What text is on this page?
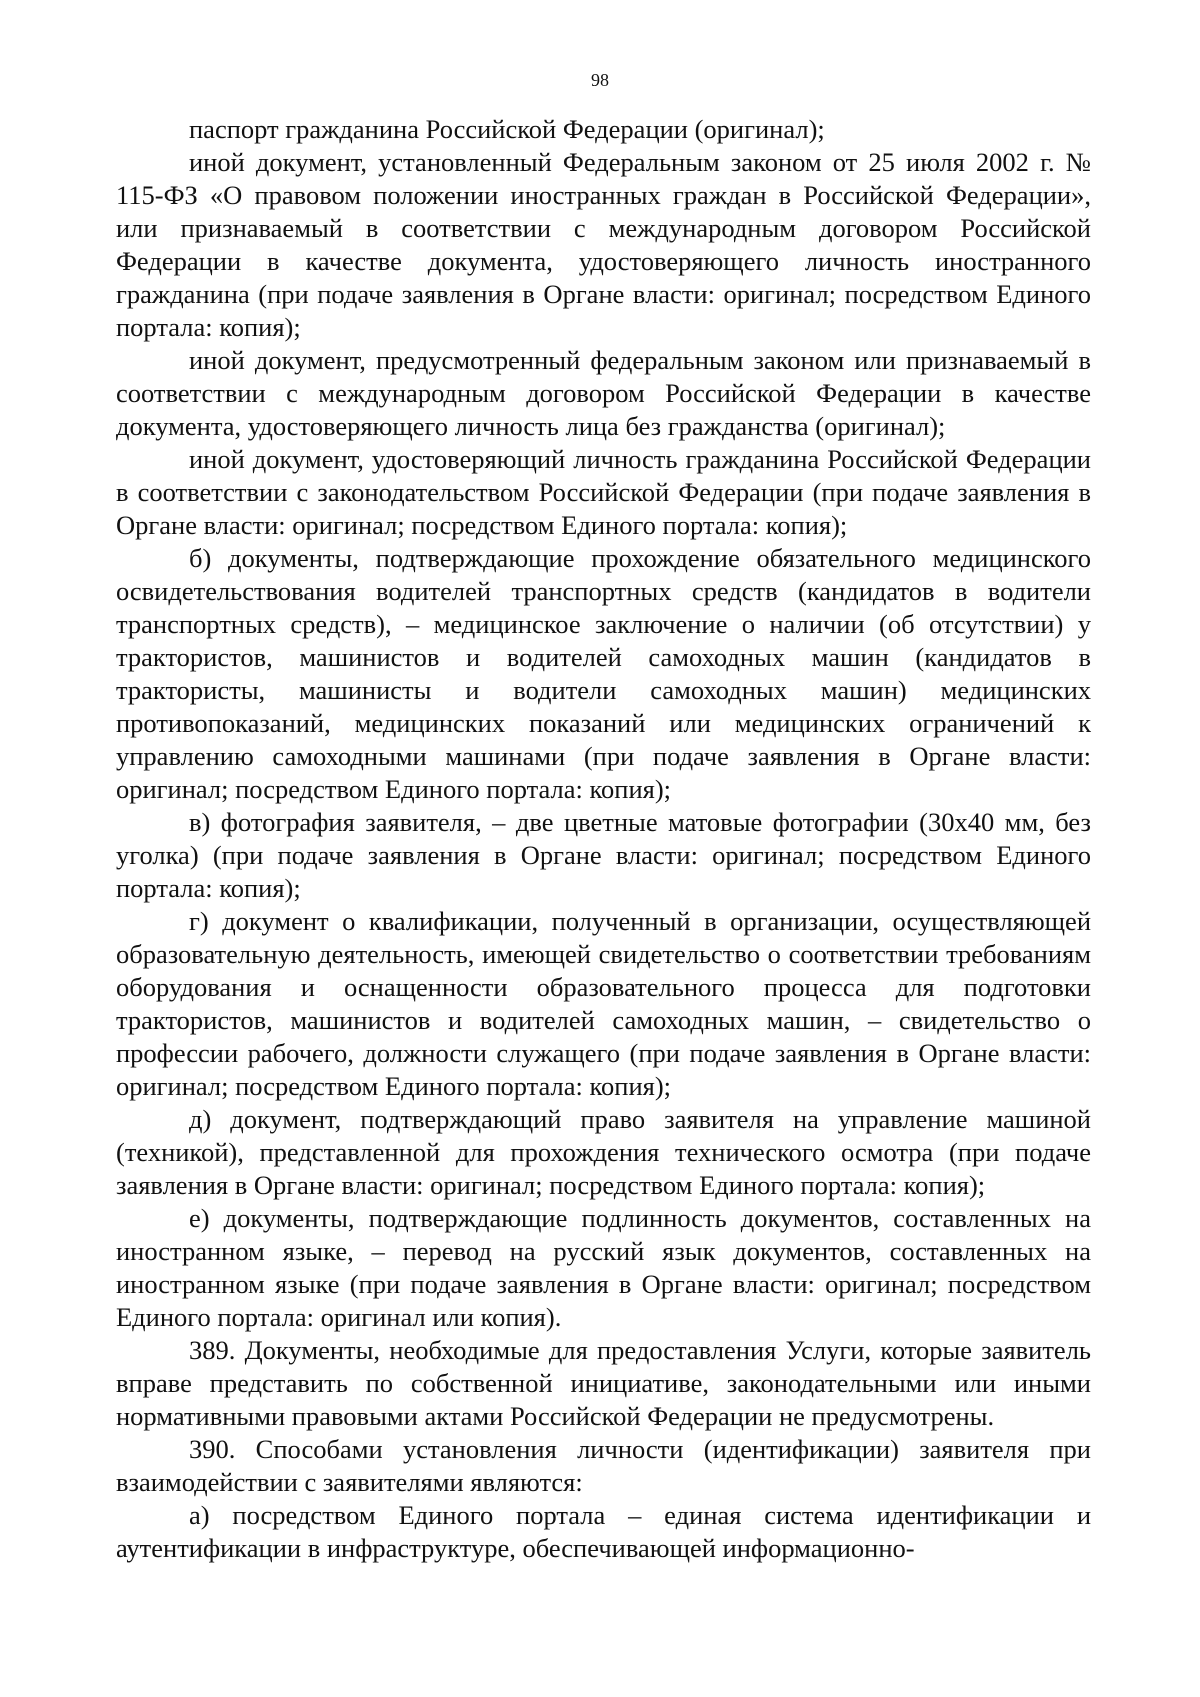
98

паспорт гражданина Российской Федерации (оригинал);

иной документ, установленный Федеральным законом от 25 июля 2002 г. № 115-ФЗ «О правовом положении иностранных граждан в Российской Федерации», или признаваемый в соответствии с международным договором Российской Федерации в качестве документа, удостоверяющего личность иностранного гражданина (при подаче заявления в Органе власти: оригинал; посредством Единого портала: копия);

иной документ, предусмотренный федеральным законом или признаваемый в соответствии с международным договором Российской Федерации в качестве документа, удостоверяющего личность лица без гражданства (оригинал);

иной документ, удостоверяющий личность гражданина Российской Федерации в соответствии с законодательством Российской Федерации (при подаче заявления в Органе власти: оригинал; посредством Единого портала: копия);

б) документы, подтверждающие прохождение обязательного медицинского освидетельствования водителей транспортных средств (кандидатов в водители транспортных средств), – медицинское заключение о наличии (об отсутствии) у трактористов, машинистов и водителей самоходных машин (кандидатов в трактористы, машинисты и водители самоходных машин) медицинских противопоказаний, медицинских показаний или медицинских ограничений к управлению самоходными машинами (при подаче заявления в Органе власти: оригинал; посредством Единого портала: копия);

в) фотография заявителя, – две цветные матовые фотографии (30х40 мм, без уголка) (при подаче заявления в Органе власти: оригинал; посредством Единого портала: копия);

г) документ о квалификации, полученный в организации, осуществляющей образовательную деятельность, имеющей свидетельство о соответствии требованиям оборудования и оснащенности образовательного процесса для подготовки трактористов, машинистов и водителей самоходных машин, – свидетельство о профессии рабочего, должности служащего (при подаче заявления в Органе власти: оригинал; посредством Единого портала: копия);

д) документ, подтверждающий право заявителя на управление машиной (техникой), представленной для прохождения технического осмотра (при подаче заявления в Органе власти: оригинал; посредством Единого портала: копия);

е) документы, подтверждающие подлинность документов, составленных на иностранном языке, – перевод на русский язык документов, составленных на иностранном языке (при подаче заявления в Органе власти: оригинал; посредством Единого портала: оригинал или копия).

389. Документы, необходимые для предоставления Услуги, которые заявитель вправе представить по собственной инициативе, законодательными или иными нормативными правовыми актами Российской Федерации не предусмотрены.

390. Способами установления личности (идентификации) заявителя при взаимодействии с заявителями являются:

а) посредством Единого портала – единая система идентификации и аутентификации в инфраструктуре, обеспечивающей информационно-
